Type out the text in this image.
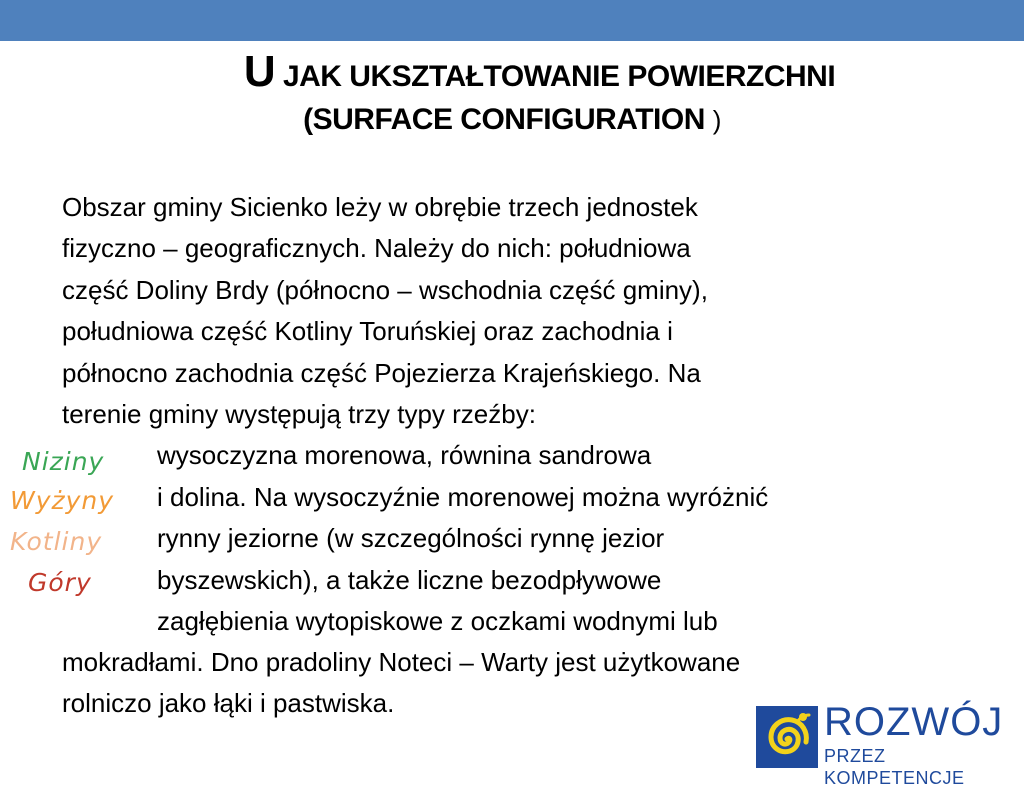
U JAK UKSZTAŁTOWANIE POWIERZCHNI
(SURFACE CONFIGURATION )
Obszar gminy Sicienko leży w obrębie trzech jednostek
fizyczno – geograficznych. Należy do nich: południowa
część Doliny Brdy (północno – wschodnia część gminy),
południowa część Kotliny Toruńskiej oraz zachodnia i
północno zachodnia część Pojezierza Krajeńskiego. Na
terenie gminy występują trzy typy rzeźby:
wysoczyzna morenowa, równina sandrowa
i dolina. Na wysoczyźnie morenowej można wyróżnić
rynny jeziorne (w szczególności rynnę jezior
byszewskich), a także liczne bezodpływowe
zagłębienia wytopiskowe z oczkami wodnymi lub
mokradłami. Dno pradoliny Noteci – Warty jest użytkowane
rolniczo jako łąki i pastwiska.
Niziny
Wyżyny
Kotliny
Góry
ROZWÓJ
PRZEZ KOMPETENCJE
